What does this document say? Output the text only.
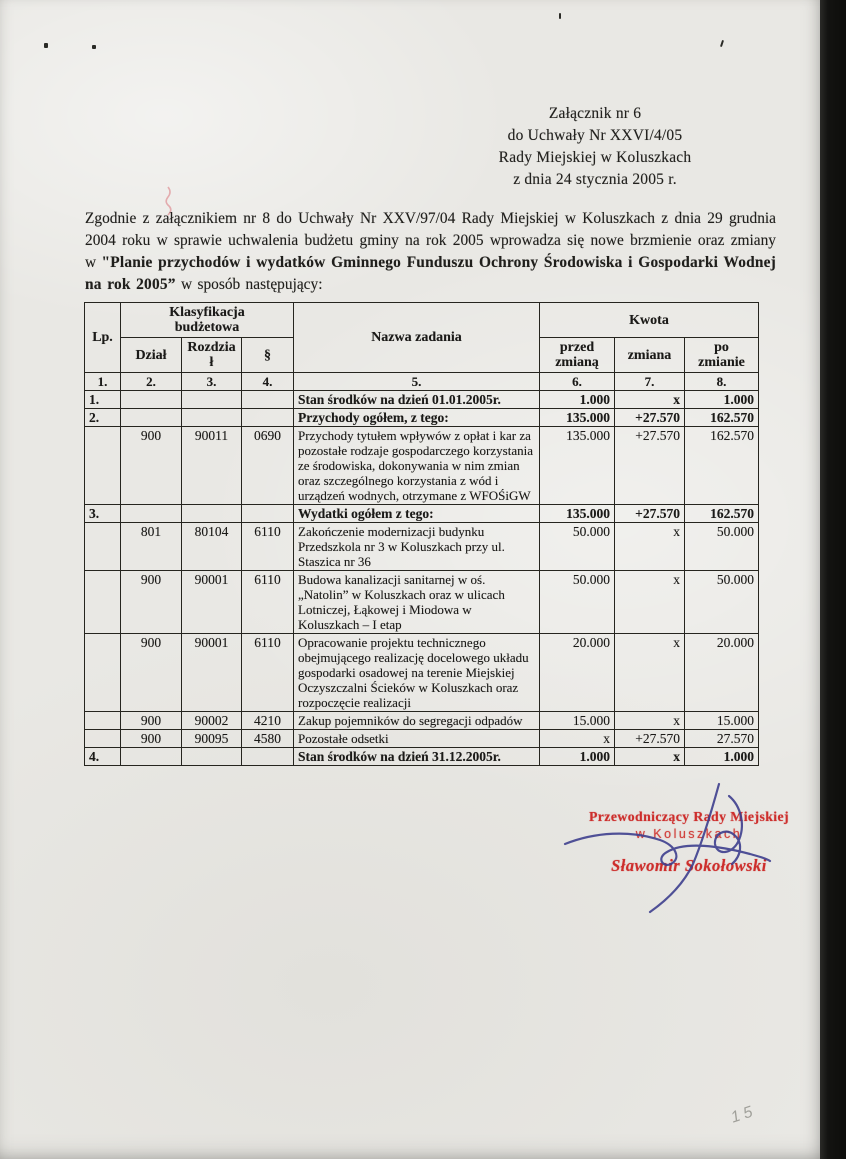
Załącznik nr 6
do Uchwały Nr XXVI/4/05
Rady Miejskiej w Koluszkach
z dnia 24 stycznia 2005 r.

Zgodnie z załącznikiem nr 8 do Uchwały Nr XXV/97/04 Rady Miejskiej w Koluszkach z dnia 29 grudnia 2004 roku w sprawie uchwalenia budżetu gminy na rok 2005 wprowadza się nowe brzmienie oraz zmiany w "Planie przychodów i wydatków Gminnego Funduszu Ochrony Środowiska i Gospodarki Wodnej na rok 2005” w sposób następujący:

Lp.	Klasyfikacja budżetowa			Nazwa zadania	Kwota		
	Dział	Rozdział	§		przed zmianą	zmiana	po zmianie
1.	2.	3.	4.	5.	6.	7.	8.
1.				Stan środków na dzień 01.01.2005r.	1.000	x	1.000
2.				Przychody ogółem, z tego:	135.000	+27.570	162.570
	900	90011	0690	Przychody tytułem wpływów z opłat i kar za pozostałe rodzaje gospodarczego korzystania ze środowiska, dokonywania w nim zmian oraz szczególnego korzystania z wód i urządzeń wodnych, otrzymane z WFOŚiGW	135.000	+27.570	162.570
3.				Wydatki ogółem z tego:	135.000	+27.570	162.570
	801	80104	6110	Zakończenie modernizacji budynku Przedszkola nr 3 w Koluszkach przy ul. Staszica nr 36	50.000	x	50.000
	900	90001	6110	Budowa kanalizacji sanitarnej w oś. „Natolin” w Koluszkach oraz w ulicach Lotniczej, Łąkowej i Miodowa w Koluszkach – I etap	50.000	x	50.000
	900	90001	6110	Opracowanie projektu technicznego obejmującego realizację docelowego układu gospodarki osadowej na terenie Miejskiej Oczyszczalni Ścieków w Koluszkach oraz rozpoczęcie realizacji	20.000	x	20.000
	900	90002	4210	Zakup pojemników do segregacji odpadów	15.000	x	15.000
	900	90095	4580	Pozostałe odsetki	x	+27.570	27.570
4.				Stan środków na dzień 31.12.2005r.	1.000	x	1.000
Przewodniczący Rady Miejskiej
w Koluszkach
Sławomir Sokołowski
15
